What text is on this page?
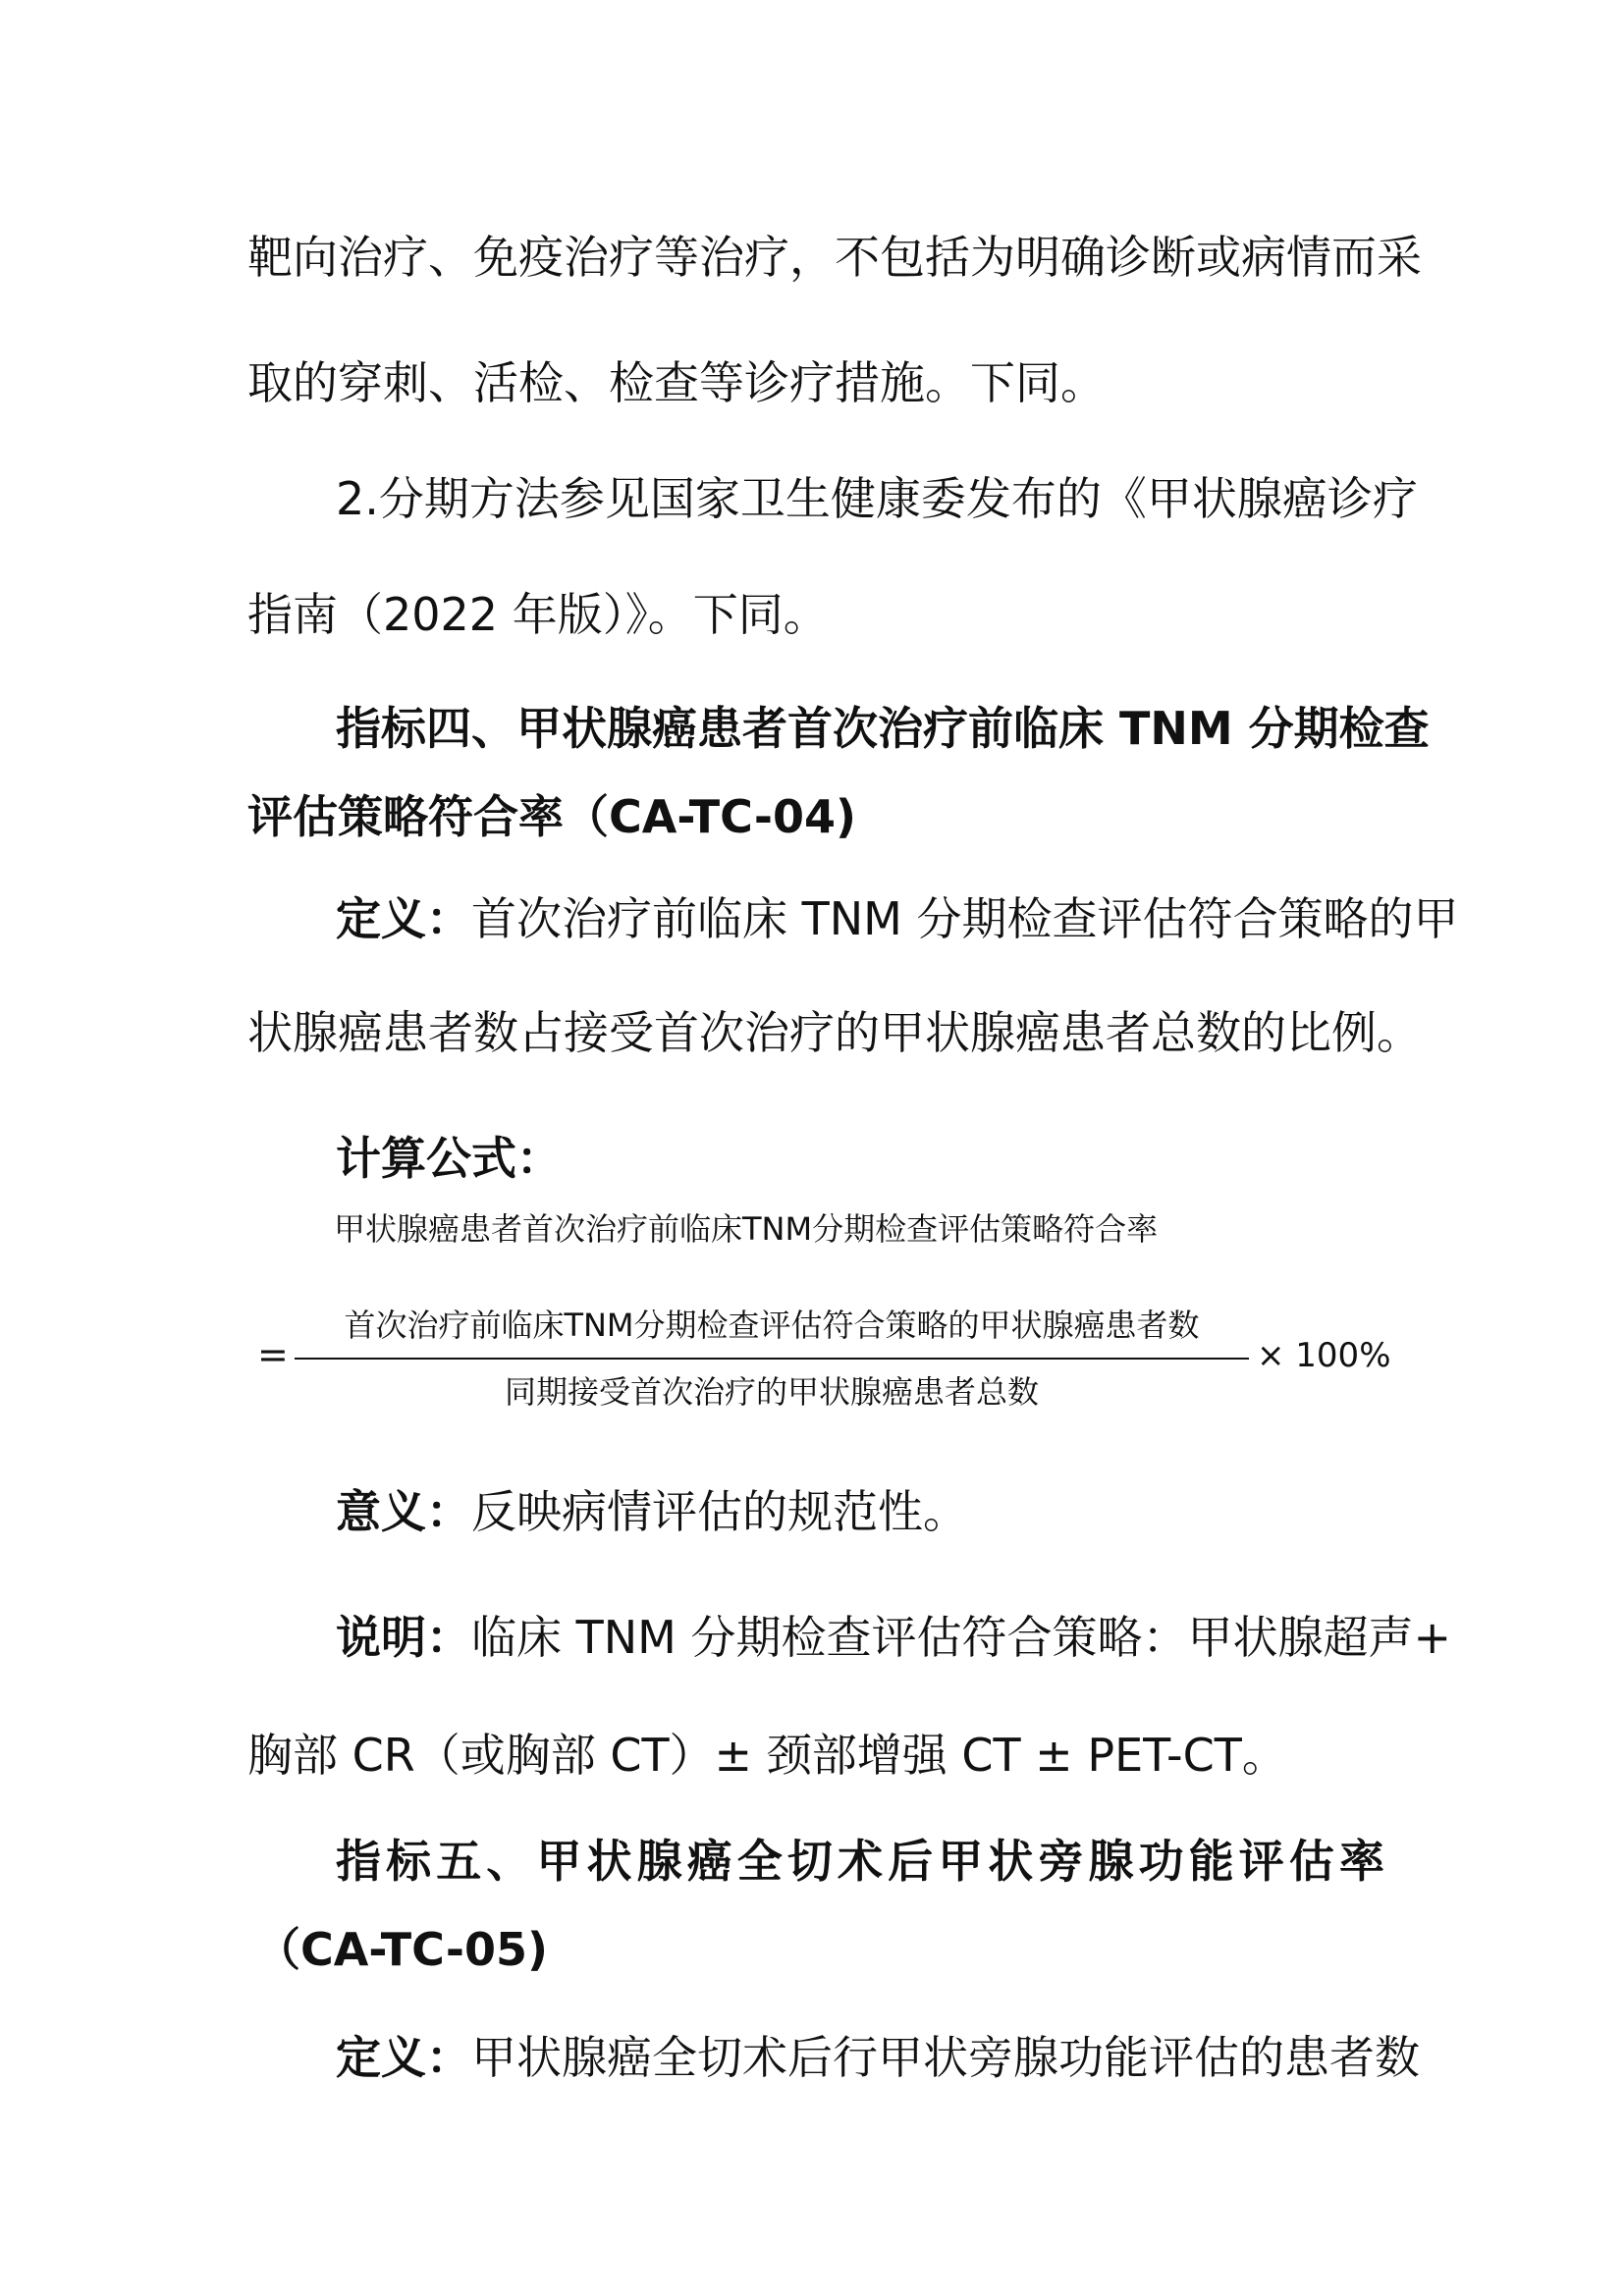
靶向治疗、免疫治疗等治疗，不包括为明确诊断或病情而采
取的穿刺、活检、检查等诊疗措施。下同。
2.分期方法参见国家卫生健康委发布的《甲状腺癌诊疗
指南（2022 年版）》。下同。
指标四、甲状腺癌患者首次治疗前临床 TNM 分期检查
评估策略符合率（CA-TC-04)
定义：首次治疗前临床 TNM 分期检查评估符合策略的甲
状腺癌患者数占接受首次治疗的甲状腺癌患者总数的比例。
计算公式：
甲状腺癌患者首次治疗前临床TNM分期检查评估策略符合率
=
首次治疗前临床TNM分期检查评估符合策略的甲状腺癌患者数
同期接受首次治疗的甲状腺癌患者总数
× 100%
意义：反映病情评估的规范性。
说明：临床 TNM 分期检查评估符合策略：甲状腺超声+
胸部 CR（或胸部 CT）± 颈部增强 CT ± PET-CT。
指标五、甲状腺癌全切术后甲状旁腺功能评估率
（CA-TC-05)
定义：甲状腺癌全切术后行甲状旁腺功能评估的患者数
